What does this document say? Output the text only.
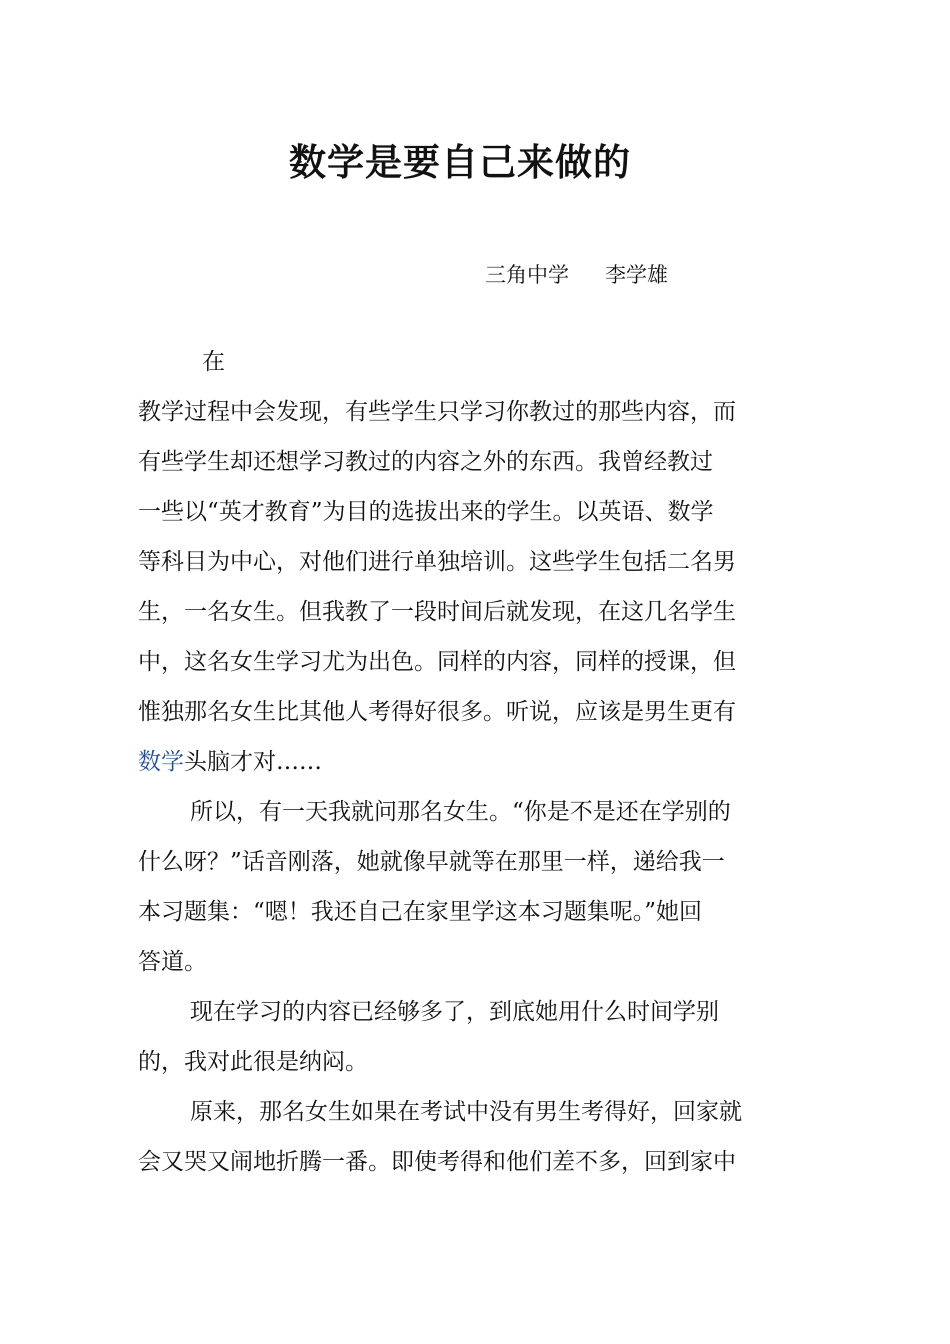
数学是要自己来做的
三角中学 李学雄
在
教学过程中会发现，有些学生只学习你教过的那些内容，而
有些学生却还想学习教过的内容之外的东西。我曾经教过
一些以“英才教育”为目的选拔出来的学生。以英语、数学
等科目为中心，对他们进行单独培训。这些学生包括二名男
生，一名女生。但我教了一段时间后就发现，在这几名学生
中，这名女生学习尤为出色。同样的内容，同样的授课，但
惟独那名女生比其他人考得好很多。听说，应该是男生更有
数学头脑才对……
所以，有一天我就问那名女生。“你是不是还在学别的
什么呀？”话音刚落，她就像早就等在那里一样，递给我一
本习题集：“嗯！我还自己在家里学这本习题集呢。”她回
答道。
现在学习的内容已经够多了，到底她用什么时间学别
的，我对此很是纳闷。
原来，那名女生如果在考试中没有男生考得好，回家就
会又哭又闹地折腾一番。即使考得和他们差不多，回到家中
